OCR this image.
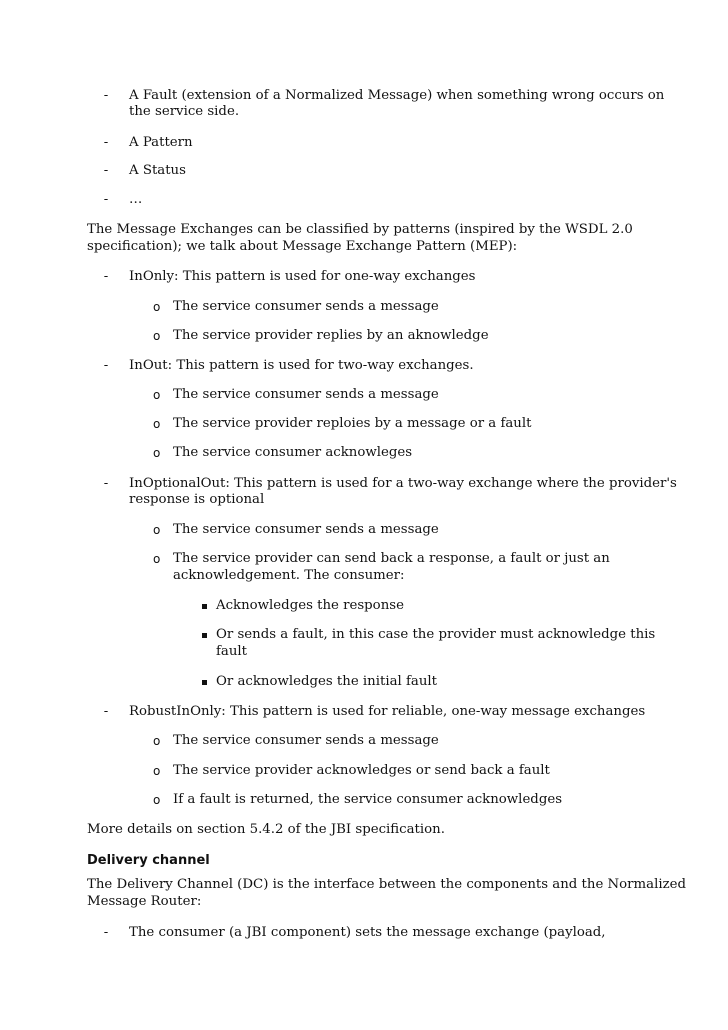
- A Fault (extension of a Normalized Message) when something wrong occurs on
the service side.
- A Pattern
- A Status
- …
The Message Exchanges can be classified by patterns (inspired by the WSDL 2.0
specification); we talk about Message Exchange Pattern (MEP):
- InOnly: This pattern is used for one-way exchanges
o The service consumer sends a message
o The service provider replies by an aknowledge
- InOut: This pattern is used for two-way exchanges.
o The service consumer sends a message
o The service provider reploies by a message or a fault
o The service consumer acknowleges
- InOptionalOut: This pattern is used for a two-way exchange where the provider's
response is optional
o The service consumer sends a message
o The service provider can send back a response, a fault or just an
acknowledgement. The consumer:
Acknowledges the response
Or sends a fault, in this case the provider must acknowledge this
fault
Or acknowledges the initial fault
- RobustInOnly: This pattern is used for reliable, one-way message exchanges
o The service consumer sends a message
o The service provider acknowledges or send back a fault
o If a fault is returned, the service consumer acknowledges
More details on section 5.4.2 of the JBI specification.
Delivery channel
The Delivery Channel (DC) is the interface between the components and the Normalized
Message Router:
- The consumer (a JBI component) sets the message exchange (payload,
